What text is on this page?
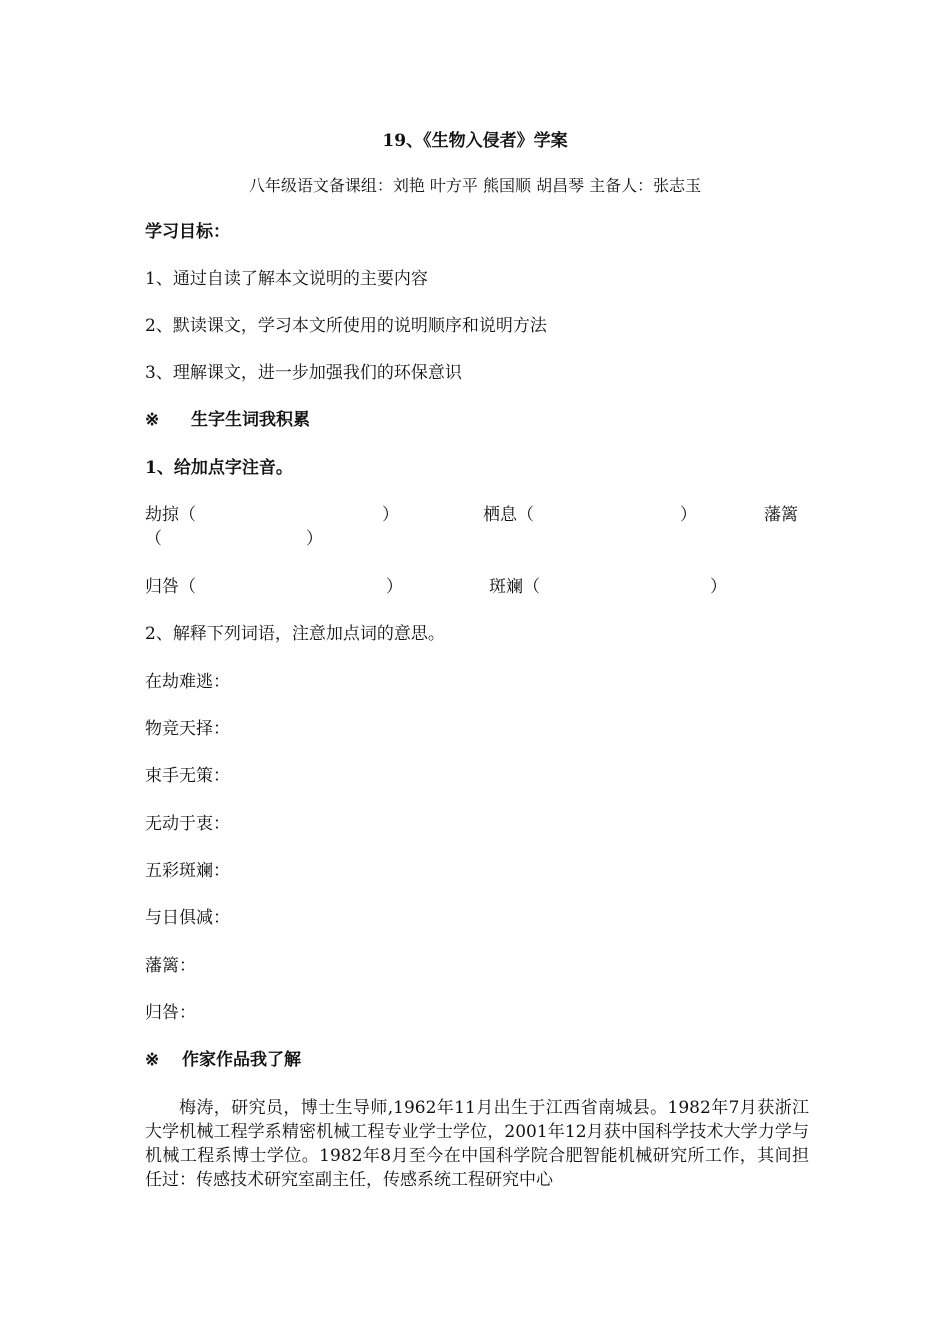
19、《生物入侵者》学案
八年级语文备课组：刘艳 叶方平 熊国顺 胡昌琴 主备人：张志玉
学习目标：
1、通过自读了解本文说明的主要内容
2、默读课文，学习本文所使用的说明顺序和说明方法
3、理解课文，进一步加强我们的环保意识
※ 生字生词我积累
1、给加点字注音。
劫掠（	）	栖息（	）	藩篱
（	）
归咎（	）	斑斓（	）
2、解释下列词语，注意加点词的意思。
在劫难逃：
物竞天择：
束手无策：
无动于衷：
五彩斑斓：
与日俱减：
藩篱：
归咎：
※ 作家作品我了解
梅涛，研究员，博士生导师,1962年11月出生于江西省南城县。1982年7月获浙江大学机械工程学系精密机械工程专业学士学位，2001年12月获中国科学技术大学力学与机械工程系博士学位。1982年8月至今在中国科学院合肥智能机械研究所工作，其间担任过：传感技术研究室副主任，传感系统工程研究中心
